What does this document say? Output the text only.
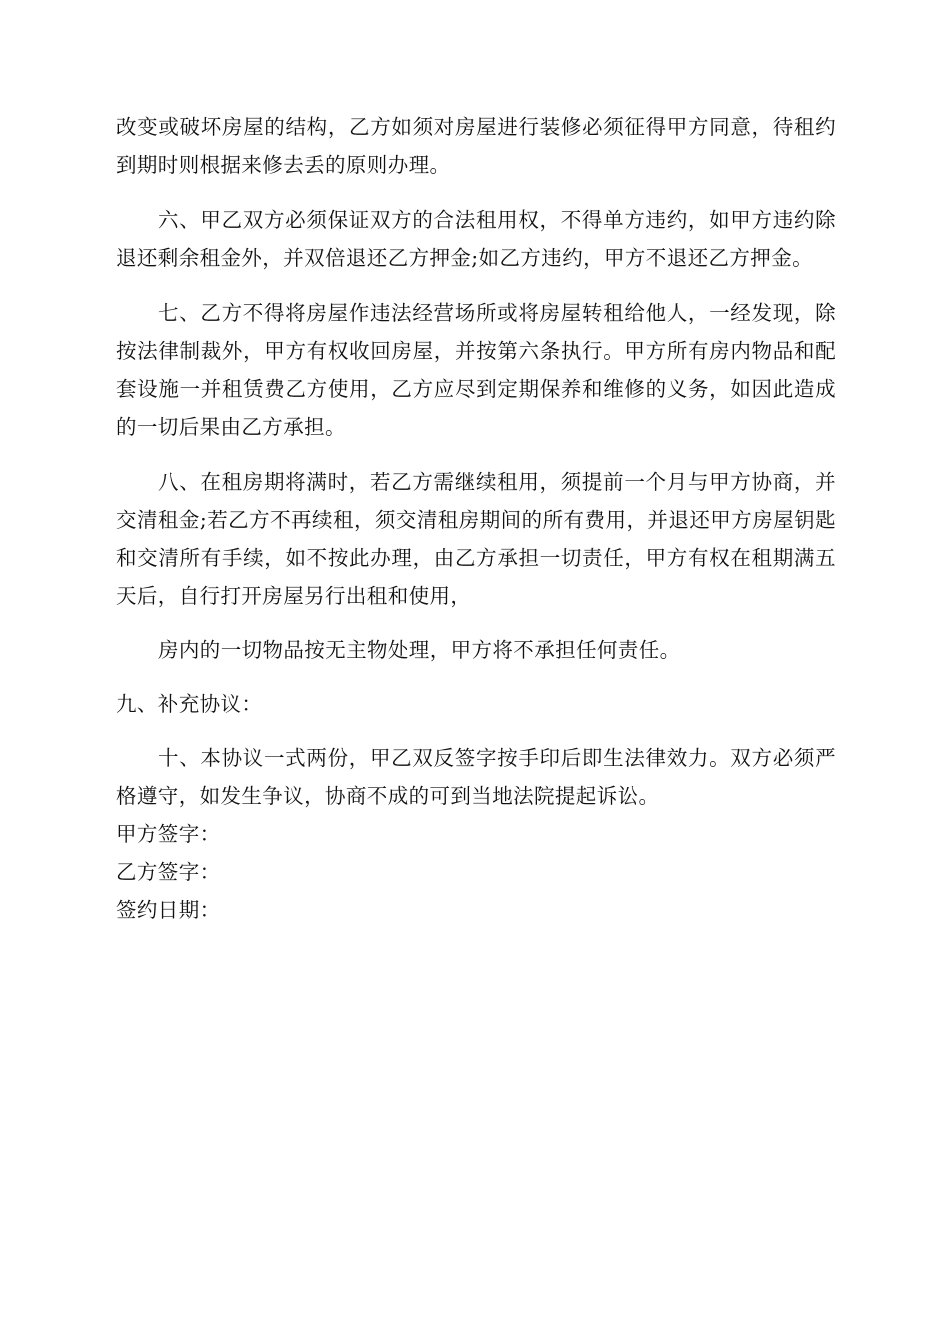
改变或破坏房屋的结构，乙方如须对房屋进行装修必须征得甲方同意，待租约到期时则根据来修去丢的原则办理。

六、甲乙双方必须保证双方的合法租用权，不得单方违约，如甲方违约除退还剩余租金外，并双倍退还乙方押金;如乙方违约，甲方不退还乙方押金。

七、乙方不得将房屋作违法经营场所或将房屋转租给他人，一经发现，除按法律制裁外，甲方有权收回房屋，并按第六条执行。甲方所有房内物品和配套设施一并租赁费乙方使用，乙方应尽到定期保养和维修的义务，如因此造成的一切后果由乙方承担。

八、在租房期将满时，若乙方需继续租用，须提前一个月与甲方协商，并交清租金;若乙方不再续租，须交清租房期间的所有费用，并退还甲方房屋钥匙和交清所有手续，如不按此办理，由乙方承担一切责任，甲方有权在租期满五天后，自行打开房屋另行出租和使用，

房内的一切物品按无主物处理，甲方将不承担任何责任。

九、补充协议：

十、本协议一式两份，甲乙双反签字按手印后即生法律效力。双方必须严格遵守，如发生争议，协商不成的可到当地法院提起诉讼。

甲方签字：

乙方签字：

签约日期：
